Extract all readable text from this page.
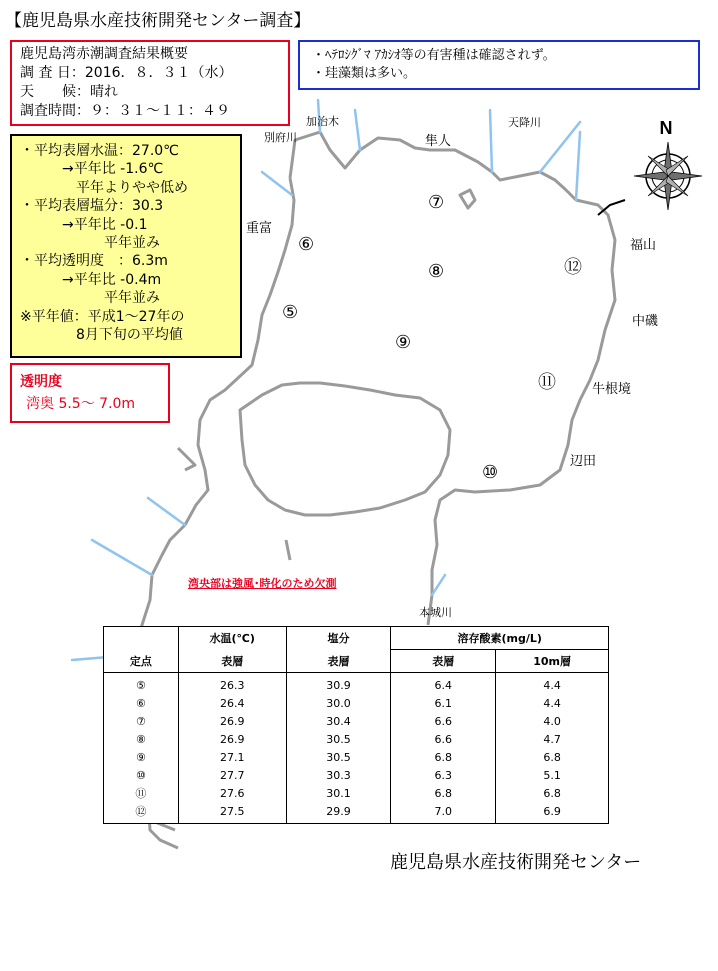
N
【鹿児島県水産技術開発センター調査】
鹿児島湾赤潮調査結果概要
調 査 日：2016．８．３１（水）
天　　候：晴れ
調査時間：９：３１〜１１：４９
・ﾍﾃﾛｼｸﾞﾏ ｱｶｼｵ等の有害種は確認されず。
・珪藻類は多い。
・平均表層水温：27.0℃
　　　→平年比 -1.6℃
　　　　平年よりやや低め
・平均表層塩分：30.3
　　　→平年比 -0.1
　　　　　　平年並み
・平均透明度　：6.3m
　　　→平年比 -0.4m
　　　　　　平年並み
※平年値：平成1〜27年の
　　　　8月下旬の平均値
透明度
湾奥 5.5〜 7.0m
加治木
別府川	隼人
天降川
重富
福山
中磯
牛根境
辺田
本城川
⑤
⑥
⑦
⑧
⑨
⑩
⑪
⑫
湾央部は強風･時化のため欠測
定点	水温(℃)	塩分	溶存酸素(mg/L)	
	表層	表層	表層	10m層
⑤	26.3	30.9	6.4	4.4
⑥	26.4	30.0	6.1	4.4
⑦	26.9	30.4	6.6	4.0
⑧	26.9	30.5	6.6	4.7
⑨	27.1	30.5	6.8	6.8
⑩	27.7	30.3	6.3	5.1
⑪	27.6	30.1	6.8	6.8
⑫	27.5	29.9	7.0	6.9
鹿児島県水産技術開発センター
